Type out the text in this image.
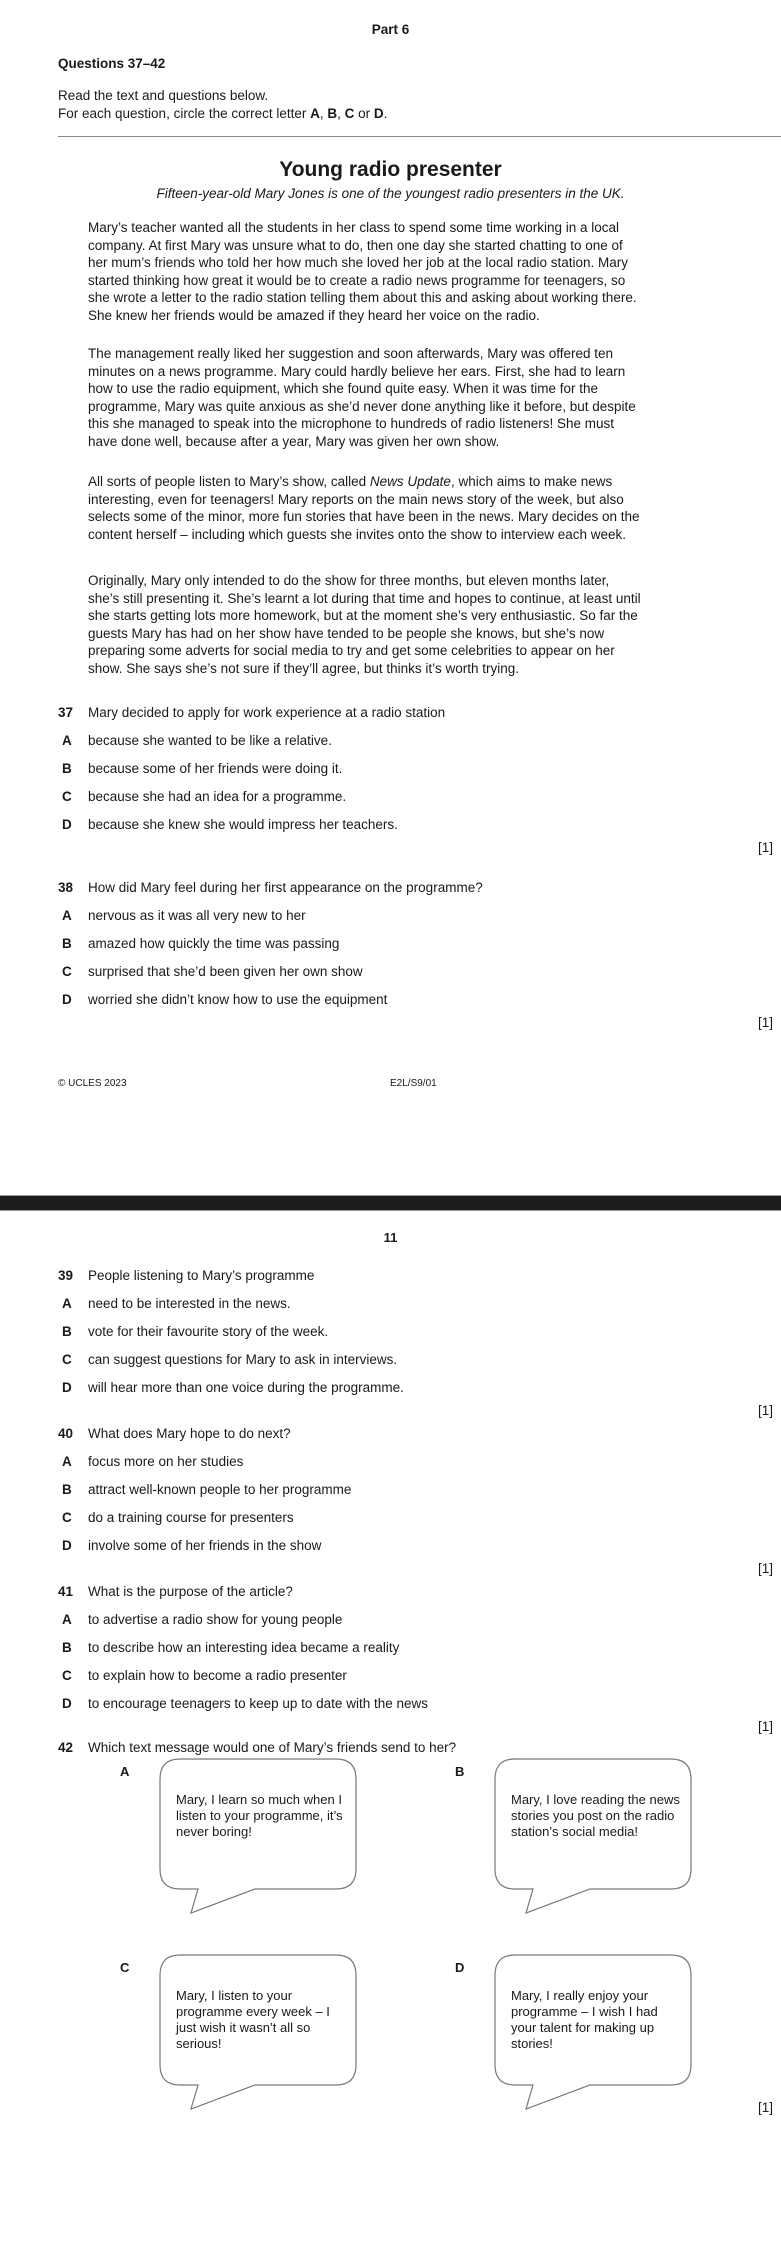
Part 6
Questions 37–42
Read the text and questions below.
For each question, circle the correct letter A, B, C or D.
Young radio presenter
Fifteen-year-old Mary Jones is one of the youngest radio presenters in the UK.
Mary’s teacher wanted all the students in her class to spend some time working in a local
company. At first Mary was unsure what to do, then one day she started chatting to one of
her mum’s friends who told her how much she loved her job at the local radio station. Mary
started thinking how great it would be to create a radio news programme for teenagers, so
she wrote a letter to the radio station telling them about this and asking about working there.
She knew her friends would be amazed if they heard her voice on the radio.
The management really liked her suggestion and soon afterwards, Mary was offered ten
minutes on a news programme. Mary could hardly believe her ears. First, she had to learn
how to use the radio equipment, which she found quite easy. When it was time for the
programme, Mary was quite anxious as she’d never done anything like it before, but despite
this she managed to speak into the microphone to hundreds of radio listeners! She must
have done well, because after a year, Mary was given her own show.
All sorts of people listen to Mary’s show, called News Update, which aims to make news
interesting, even for teenagers! Mary reports on the main news story of the week, but also
selects some of the minor, more fun stories that have been in the news. Mary decides on the
content herself – including which guests she invites onto the show to interview each week.
Originally, Mary only intended to do the show for three months, but eleven months later,
she’s still presenting it. She’s learnt a lot during that time and hopes to continue, at least until
she starts getting lots more homework, but at the moment she’s very enthusiastic. So far the
guests Mary has had on her show have tended to be people she knows, but she’s now
preparing some adverts for social media to try and get some celebrities to appear on her
show. She says she’s not sure if they’ll agree, but thinks it’s worth trying.
37 Mary decided to apply for work experience at a radio station
A because she wanted to be like a relative.
B because some of her friends were doing it.
C because she had an idea for a programme.
D because she knew she would impress her teachers.
[1]
38 How did Mary feel during her first appearance on the programme?
A nervous as it was all very new to her
B amazed how quickly the time was passing
C surprised that she’d been given her own show
D worried she didn’t know how to use the equipment
[1]
© UCLES 2023	E2L/S9/01
11
39 People listening to Mary’s programme
A need to be interested in the news.
B vote for their favourite story of the week.
C can suggest questions for Mary to ask in interviews.
D will hear more than one voice during the programme.
[1]
40 What does Mary hope to do next?
A focus more on her studies
B attract well-known people to her programme
C do a training course for presenters
D involve some of her friends in the show
[1]
41 What is the purpose of the article?
A to advertise a radio show for young people
B to describe how an interesting idea became a reality
C to explain how to become a radio presenter
D to encourage teenagers to keep up to date with the news
[1]
42 Which text message would one of Mary’s friends send to her?
A
Mary, I learn so much when I listen to your programme, it’s never boring!
B
Mary, I love reading the news stories you post on the radio station’s social media!
C
Mary, I listen to your programme every week – I just wish it wasn’t all so serious!
D
Mary, I really enjoy your programme – I wish I had your talent for making up stories!
[1]
